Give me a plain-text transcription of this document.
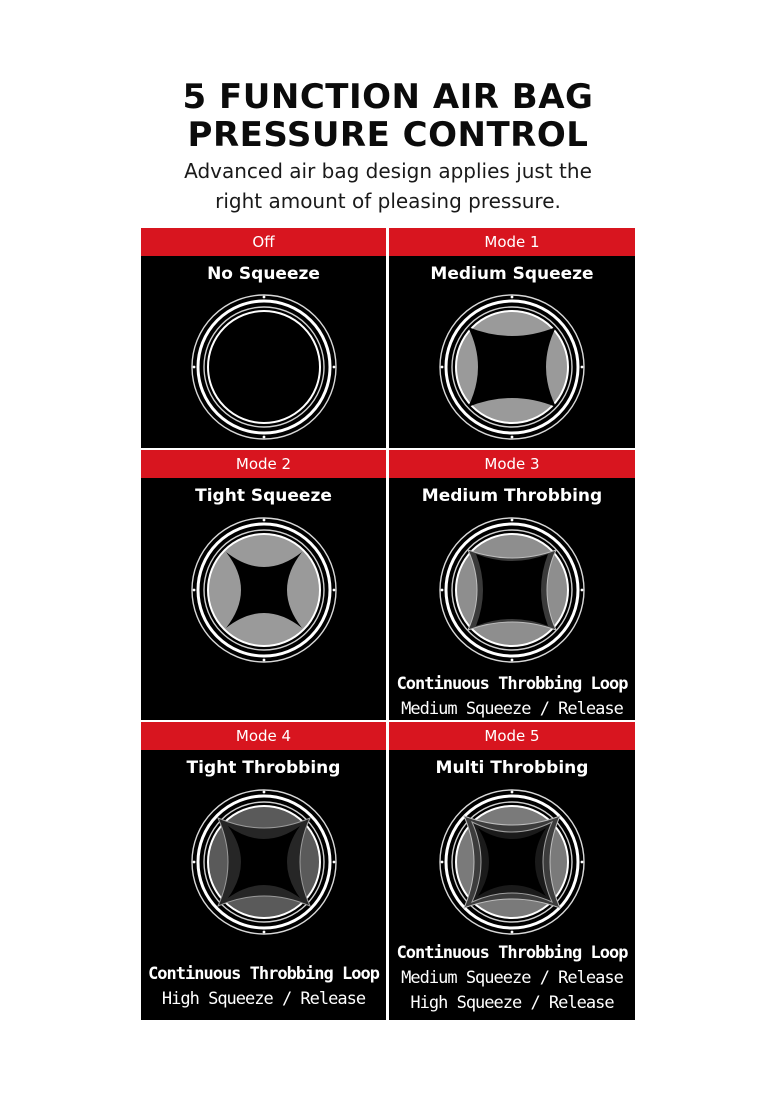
5 FUNCTION AIR BAG
PRESSURE CONTROL
Advanced air bag design applies just the
right amount of pleasing pressure.
Off
No Squeeze
Mode 1
Medium Squeeze
Mode 2
Tight Squeeze
Mode 3
Medium Throbbing
Continuous Throbbing Loop
Medium Squeeze / Release
Mode 4
Tight Throbbing
Continuous Throbbing Loop
High Squeeze / Release
Mode 5
Multi Throbbing
Continuous Throbbing Loop
Medium Squeeze / Release
High Squeeze / Release
